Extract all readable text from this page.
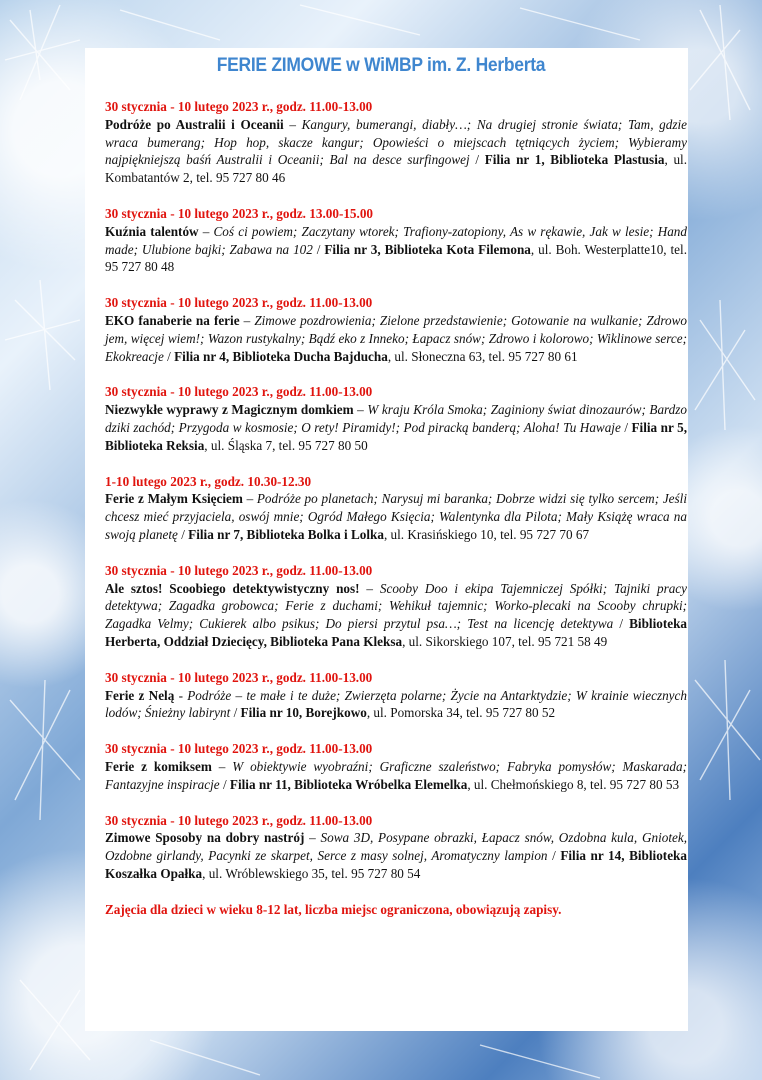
FERIE ZIMOWE w WiMBP im. Z. Herberta
30 stycznia - 10 lutego 2023 r., godz. 11.00-13.00

Podróże po Australii i Oceanii – Kangury, bumerangi, diabły…; Na drugiej stronie świata; Tam, gdzie wraca bumerang; Hop hop, skacze kangur; Opowieści o miejscach tętniących życiem; Wybieramy najpiękniejszą baśń Australii i Oceanii; Bal na desce surfingowej / Filia nr 1, Biblioteka Plastusia, ul. Kombatantów 2, tel. 95 727 80 46

30 stycznia - 10 lutego 2023 r., godz. 13.00-15.00

Kuźnia talentów – Coś ci powiem; Zaczytany wtorek; Trafiony-zatopiony, As w rękawie, Jak w lesie; Hand made; Ulubione bajki; Zabawa na 102 / Filia nr 3, Biblioteka Kota Filemona, ul. Boh. Westerplatte10, tel. 95 727 80 48

30 stycznia - 10 lutego 2023 r., godz. 11.00-13.00

EKO fanaberie na ferie – Zimowe pozdrowienia; Zielone przedstawienie; Gotowanie na wulkanie; Zdrowo jem, więcej wiem!; Wazon rustykalny; Bądź eko z Inneko; Łapacz snów; Zdrowo i kolorowo; Wiklinowe serce; Ekokreacje / Filia nr 4, Biblioteka Ducha Bajducha, ul. Słoneczna 63, tel. 95 727 80 61

30 stycznia - 10 lutego 2023 r., godz. 11.00-13.00

Niezwykłe wyprawy z Magicznym domkiem – W kraju Króla Smoka; Zaginiony świat dinozaurów; Bardzo dziki zachód; Przygoda w kosmosie; O rety! Piramidy!; Pod piracką banderą; Aloha! Tu Hawaje / Filia nr 5, Biblioteka Reksia, ul. Śląska 7, tel. 95 727 80 50

1-10 lutego 2023 r., godz. 10.30-12.30

Ferie z Małym Księciem – Podróże po planetach; Narysuj mi baranka; Dobrze widzi się tylko sercem; Jeśli chcesz mieć przyjaciela, oswój mnie; Ogród Małego Księcia; Walentynka dla Pilota; Mały Książę wraca na swoją planetę / Filia nr 7, Biblioteka Bolka i Lolka, ul. Krasińskiego 10, tel. 95 727 70 67

30 stycznia - 10 lutego 2023 r., godz. 11.00-13.00

Ale sztos! Scoobiego detektywistyczny nos! – Scooby Doo i ekipa Tajemniczej Spółki; Tajniki pracy detektywa; Zagadka grobowca; Ferie z duchami; Wehikuł tajemnic; Worko-plecaki na Scooby chrupki; Zagadka Velmy; Cukierek albo psikus; Do piersi przytul psa…; Test na licencję detektywa / Biblioteka Herberta, Oddział Dziecięcy, Biblioteka Pana Kleksa, ul. Sikorskiego 107, tel. 95 721 58 49

30 stycznia - 10 lutego 2023 r., godz. 11.00-13.00

Ferie z Nelą - Podróże – te małe i te duże; Zwierzęta polarne; Życie na Antarktydzie; W krainie wiecznych lodów; Śnieżny labirynt / Filia nr 10, Borejkowo, ul. Pomorska 34, tel. 95 727 80 52

30 stycznia - 10 lutego 2023 r., godz. 11.00-13.00

Ferie z komiksem – W obiektywie wyobraźni; Graficzne szaleństwo; Fabryka pomysłów; Maskarada; Fantazyjne inspiracje / Filia nr 11, Biblioteka Wróbelka Elemelka, ul. Chełmońskiego 8, tel. 95 727 80 53

30 stycznia - 10 lutego 2023 r., godz. 11.00-13.00

Zimowe Sposoby na dobry nastrój – Sowa 3D, Posypane obrazki, Łapacz snów, Ozdobna kula, Gniotek, Ozdobne girlandy, Pacynki ze skarpet, Serce z masy solnej, Aromatyczny lampion / Filia nr 14, Biblioteka Koszałka Opałka, ul. Wróblewskiego 35, tel. 95 727 80 54

Zajęcia dla dzieci w wieku 8-12 lat, liczba miejsc ograniczona, obowiązują zapisy.
